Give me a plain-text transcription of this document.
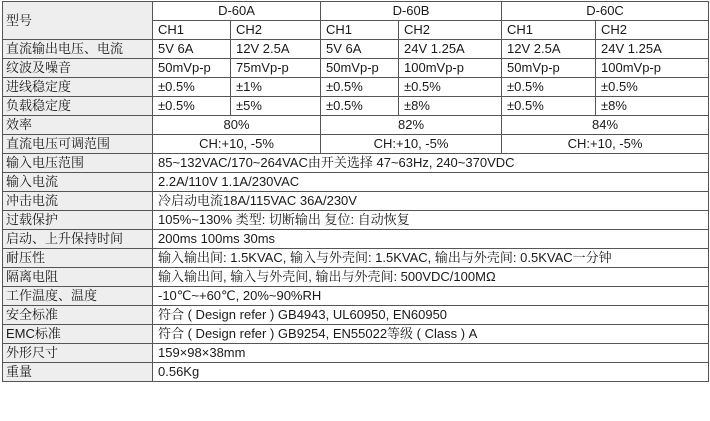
型号	D-60A		D-60B		D-60C	
	CH1	CH2	CH1	CH2	CH1	CH2
直流输出电压、电流	5V 6A	12V 2.5A	5V 6A	24V 1.25A	12V 2.5A	24V 1.25A
纹波及噪音	50mVp-p	75mVp-p	50mVp-p	100mVp-p	50mVp-p	100mVp-p
进线稳定度	±0.5%	±1%	±0.5%	±0.5%	±0.5%	±0.5%
负载稳定度	±0.5%	±5%	±0.5%	±8%	±0.5%	±8%
效率	80%		82%		84%	
直流电压可调范围	CH:+10, -5%		CH:+10, -5%		CH:+10, -5%	
输入电压范围	85~132VAC/170~264VAC由开关选择 47~63Hz, 240~370VDC					
输入电流	2.2A/110V 1.1A/230VAC					
冲击电流	冷启动电流18A/115VAC 36A/230V					
过载保护	105%~130% 类型: 切断输出 复位: 自动恢复					
启动、上升保持时间	200ms 100ms 30ms					
耐压性	输入输出间: 1.5KVAC, 输入与外壳间: 1.5KVAC, 输出与外壳间: 0.5KVAC一分钟					
隔离电阻	输入输出间, 输入与外壳间, 输出与外壳间: 500VDC/100MΩ					
工作温度、温度	-10℃~+60℃, 20%~90%RH					
安全标准	符合 ( Design refer ) GB4943, UL60950, EN60950					
EMC标准	符合 ( Design refer ) GB9254, EN55022等级 ( Class ) A					
外形尺寸	159×98×38mm					
重量	0.56Kg					
